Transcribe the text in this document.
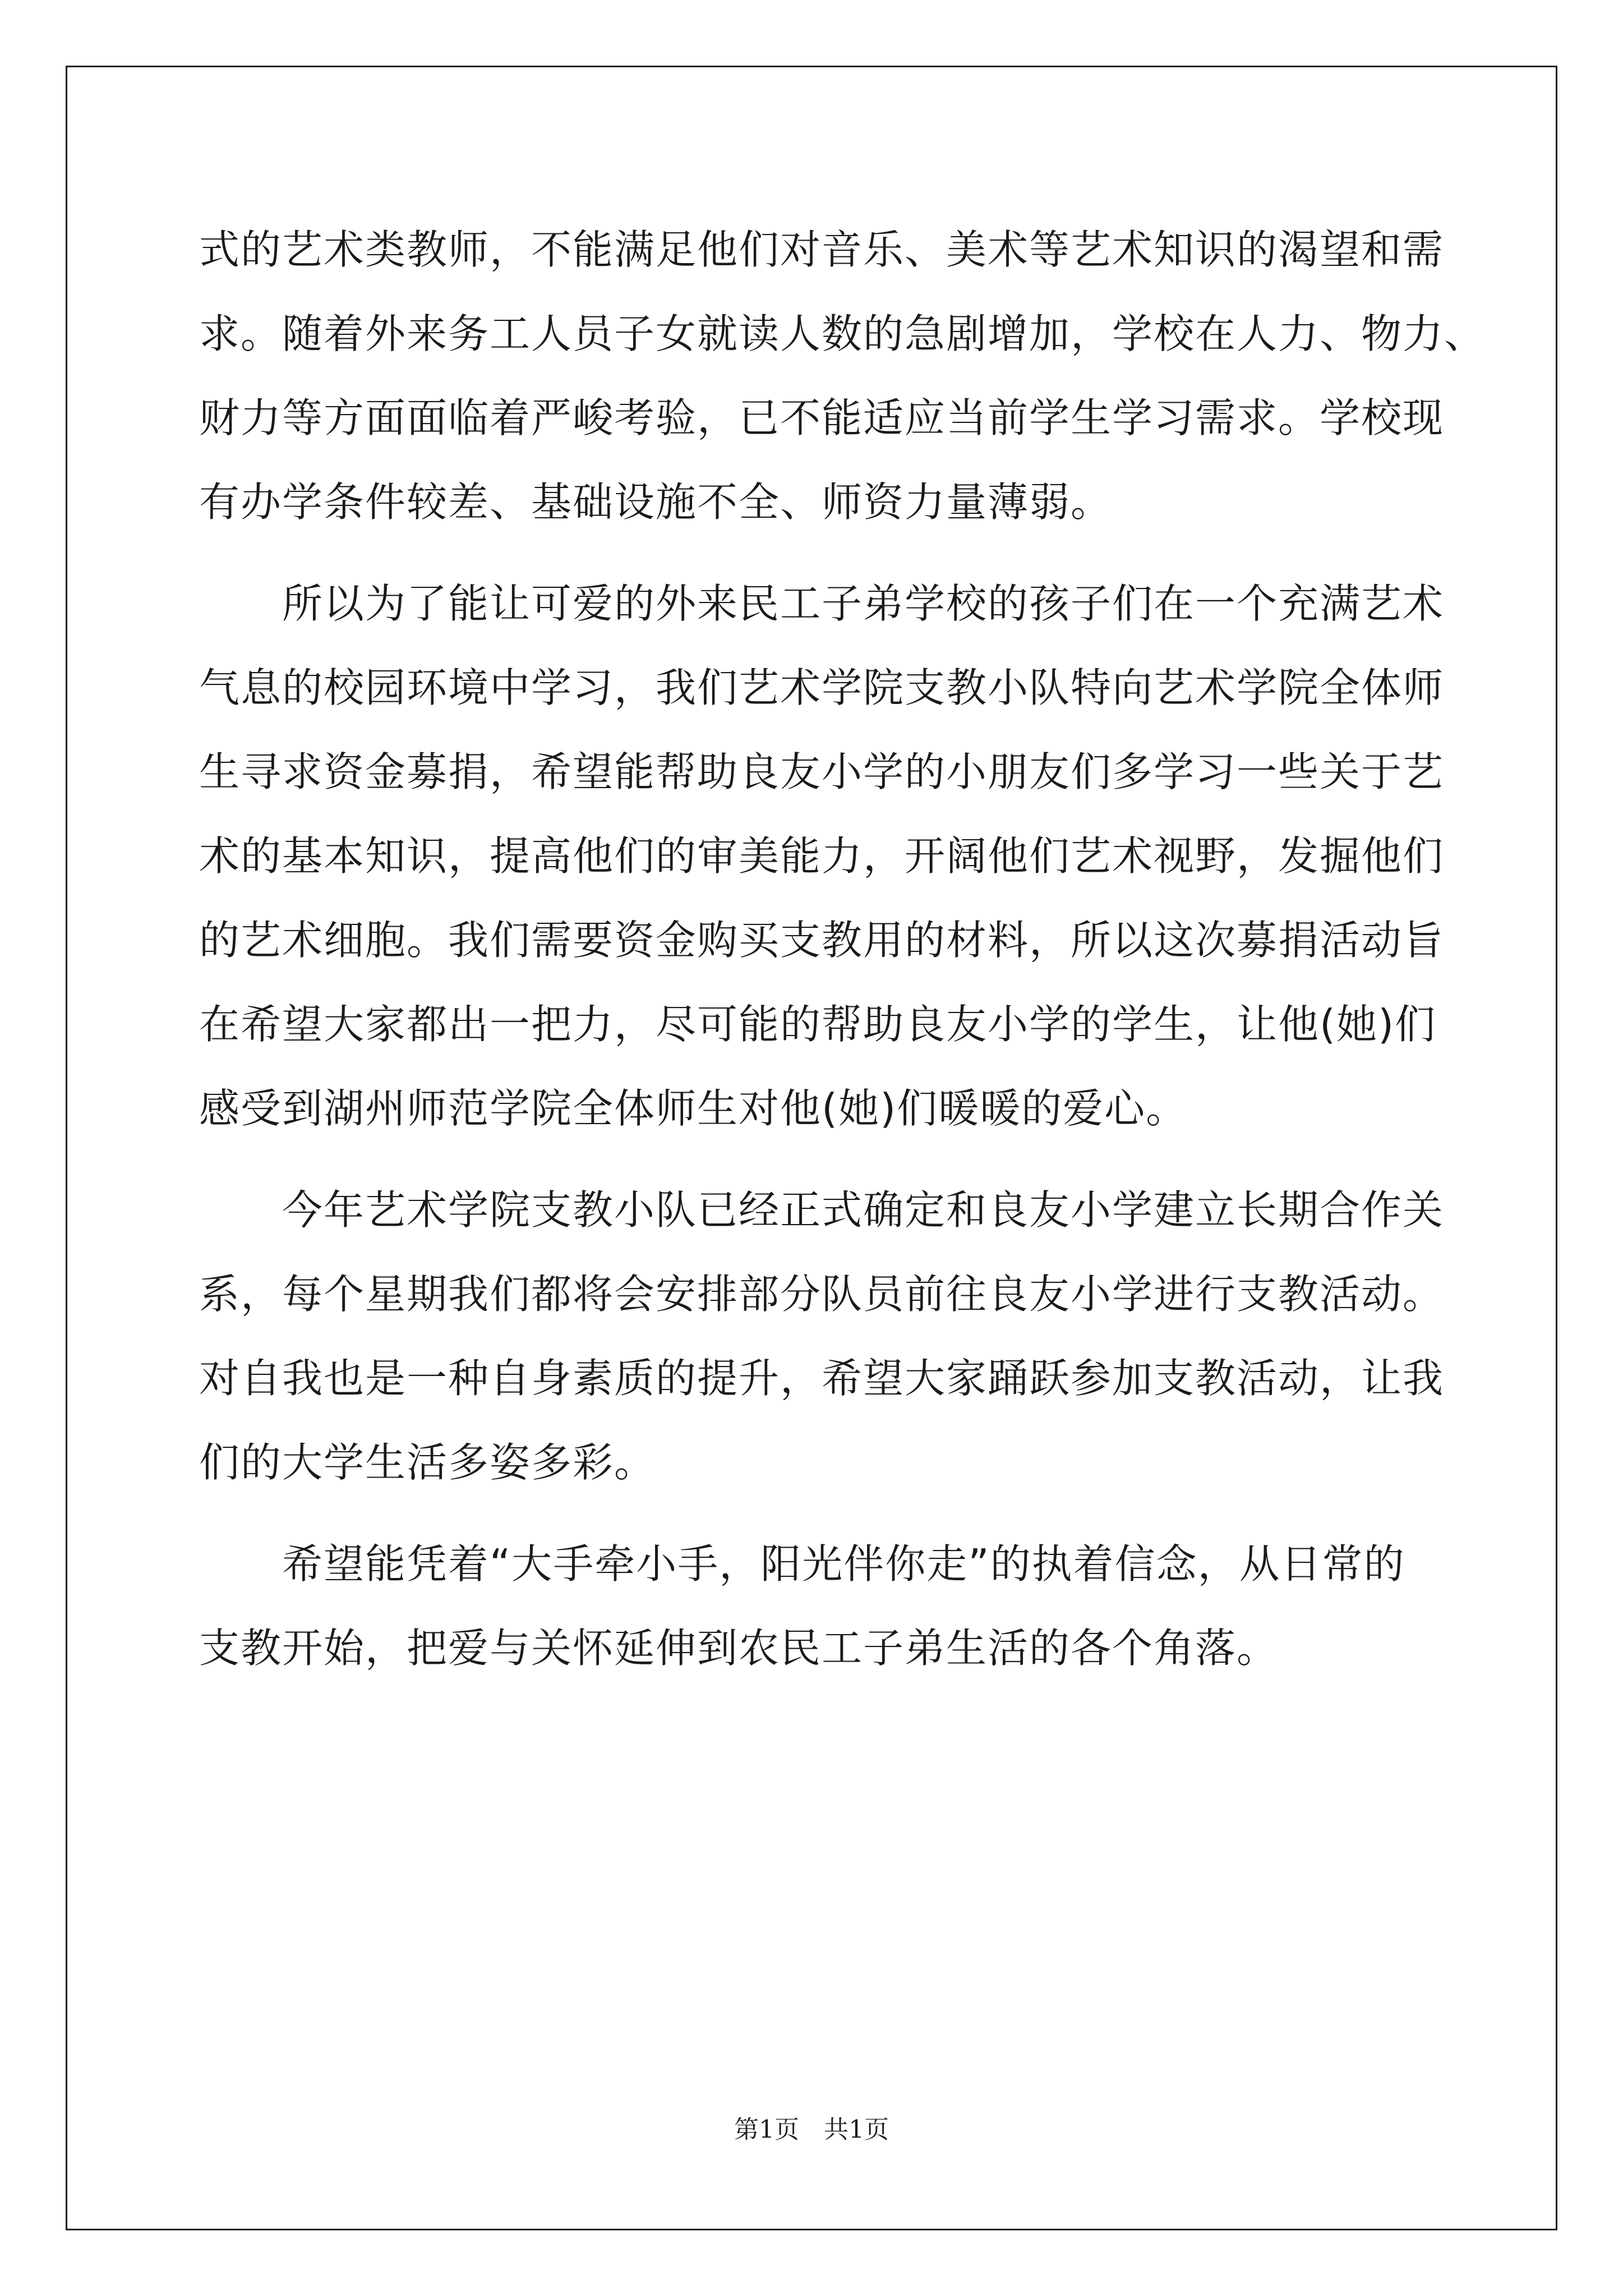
式的艺术类教师，不能满足他们对音乐、美术等艺术知识的渴望和需
求。随着外来务工人员子女就读人数的急剧增加，学校在人力、物力、
财力等方面面临着严峻考验，已不能适应当前学生学习需求。学校现
有办学条件较差、基础设施不全、师资力量薄弱。
　　所以为了能让可爱的外来民工子弟学校的孩子们在一个充满艺术
气息的校园环境中学习，我们艺术学院支教小队特向艺术学院全体师
生寻求资金募捐，希望能帮助良友小学的小朋友们多学习一些关于艺
术的基本知识，提高他们的审美能力，开阔他们艺术视野，发掘他们
的艺术细胞。我们需要资金购买支教用的材料，所以这次募捐活动旨
在希望大家都出一把力，尽可能的帮助良友小学的学生，让他(她)们
感受到湖州师范学院全体师生对他(她)们暖暖的爱心。
　　今年艺术学院支教小队已经正式确定和良友小学建立长期合作关
系，每个星期我们都将会安排部分队员前往良友小学进行支教活动。
对自我也是一种自身素质的提升，希望大家踊跃参加支教活动，让我
们的大学生活多姿多彩。
　　希望能凭着“大手牵小手，阳光伴你走”的执着信念，从日常的
支教开始，把爱与关怀延伸到农民工子弟生活的各个角落。
第1页 共1页
